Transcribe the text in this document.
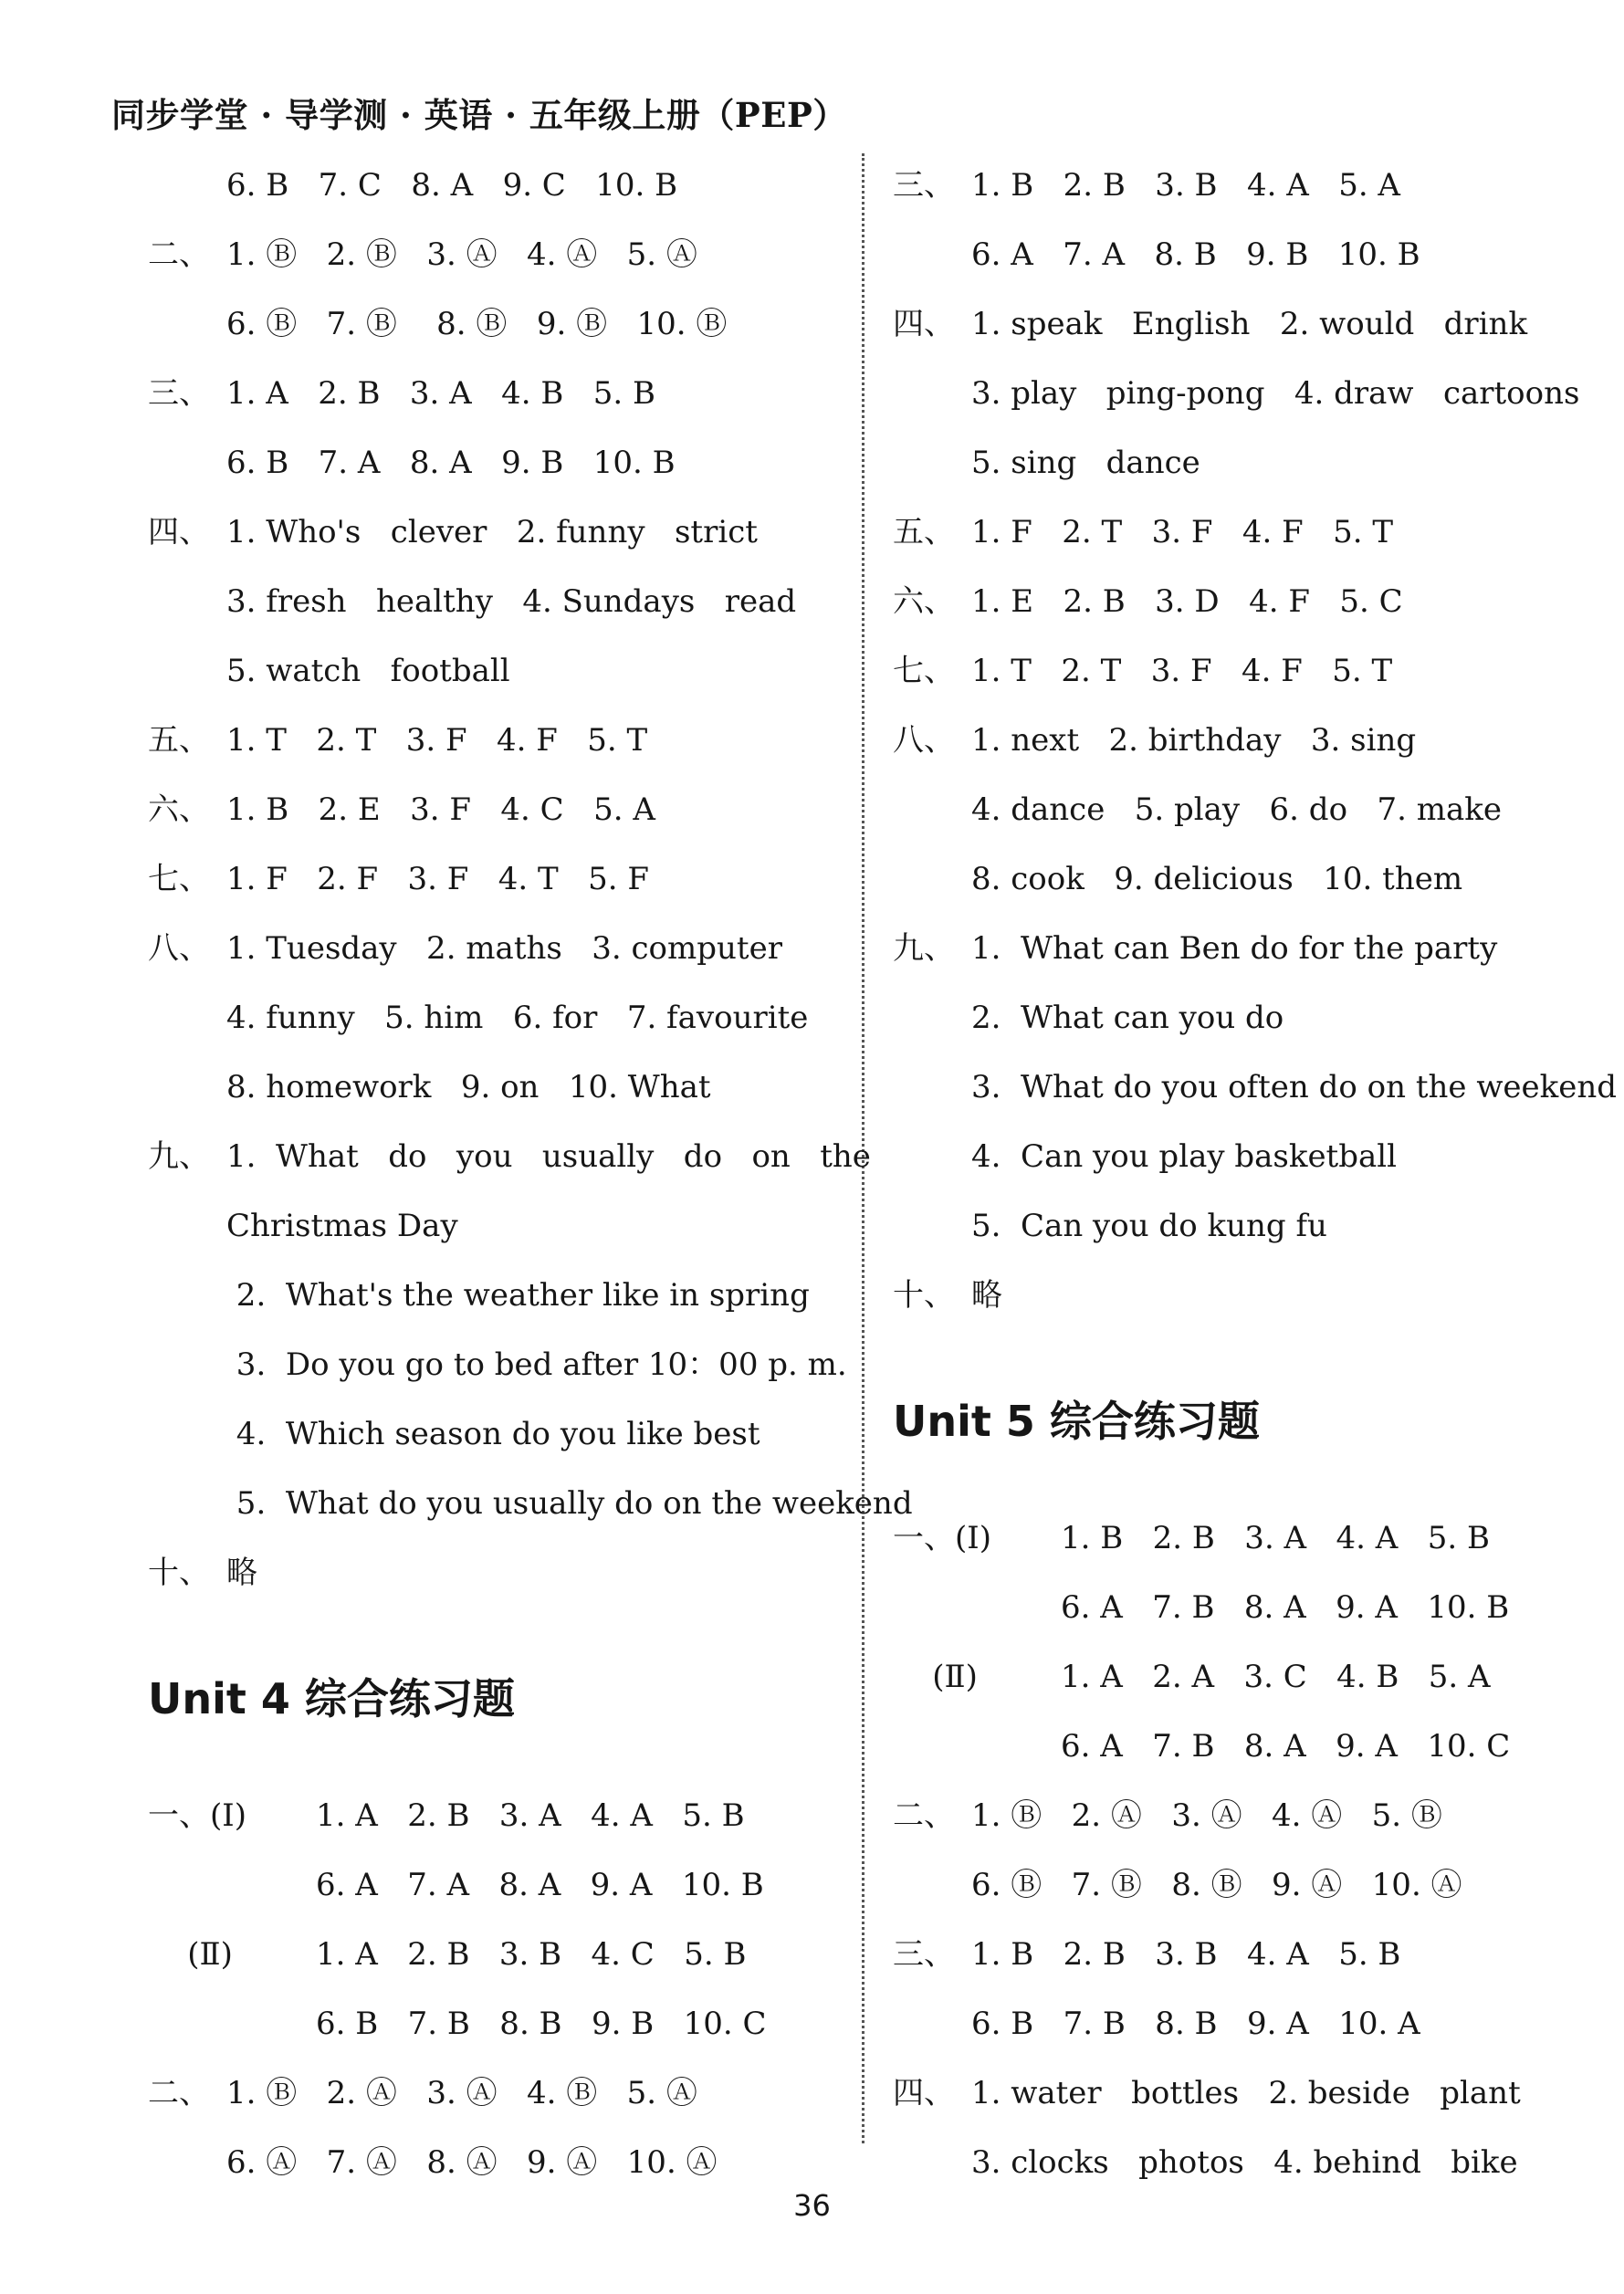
同步学堂 · 导学测 · 英语 · 五年级上册（PEP）
6. B   7. C   8. A   9. C   10. B
二、 1. Ⓑ   2. Ⓑ   3. Ⓐ   4. Ⓐ   5. Ⓐ
6. Ⓑ   7. Ⓑ    8. Ⓑ   9. Ⓑ   10. Ⓑ
三、 1. A   2. B   3. A   4. B   5. B
6. B   7. A   8. A   9. B   10. B
四、 1. Who's   clever   2. funny   strict
3. fresh   healthy   4. Sundays   read
5. watch   football
五、 1. T   2. T   3. F   4. F   5. T
六、 1. B   2. E   3. F   4. C   5. A
七、 1. F   2. F   3. F   4. T   5. F
八、 1. Tuesday   2. maths   3. computer
4. funny   5. him   6. for   7. favourite
8. homework   9. on   10. What
九、 1.  What   do   you   usually   do   on   the
Christmas Day
2.  What's the weather like in spring
3.  Do you go to bed after 10：00 p. m.
4.  Which season do you like best
5.  What do you usually do on the weekend
十、 略
Unit 4 综合练习题
一、(Ⅰ) 1. A   2. B   3. A   4. A   5. B
6. A   7. A   8. A   9. A   10. B
(Ⅱ)	1. A   2. B   3. B   4. C   5. B
6. B   7. B   8. B   9. B   10. C
二、 1. Ⓑ   2. Ⓐ   3. Ⓐ   4. Ⓑ   5. Ⓐ
6. Ⓐ   7. Ⓐ   8. Ⓐ   9. Ⓐ   10. Ⓐ
三、 1. B   2. B   3. B   4. A   5. A
6. A   7. A   8. B   9. B   10. B
四、 1. speak   English   2. would   drink
3. play   ping-pong   4. draw   cartoons
5. sing   dance
五、 1. F   2. T   3. F   4. F   5. T
六、 1. E   2. B   3. D   4. F   5. C
七、 1. T   2. T   3. F   4. F   5. T
八、 1. next   2. birthday   3. sing
4. dance   5. play   6. do   7. make
8. cook   9. delicious   10. them
九、 1.  What can Ben do for the party
2.  What can you do
3.  What do you often do on the weekend
4.  Can you play basketball
5.  Can you do kung fu
十、 略
Unit 5 综合练习题
一、(Ⅰ) 1. B   2. B   3. A   4. A   5. B
6. A   7. B   8. A   9. A   10. B
(Ⅱ)	1. A   2. A   3. C   4. B   5. A
6. A   7. B   8. A   9. A   10. C
二、 1. Ⓑ   2. Ⓐ   3. Ⓐ   4. Ⓐ   5. Ⓑ
6. Ⓑ   7. Ⓑ   8. Ⓑ   9. Ⓐ   10. Ⓐ
三、 1. B   2. B   3. B   4. A   5. B
6. B   7. B   8. B   9. A   10. A
四、 1. water   bottles   2. beside   plant
3. clocks   photos   4. behind   bike
36
